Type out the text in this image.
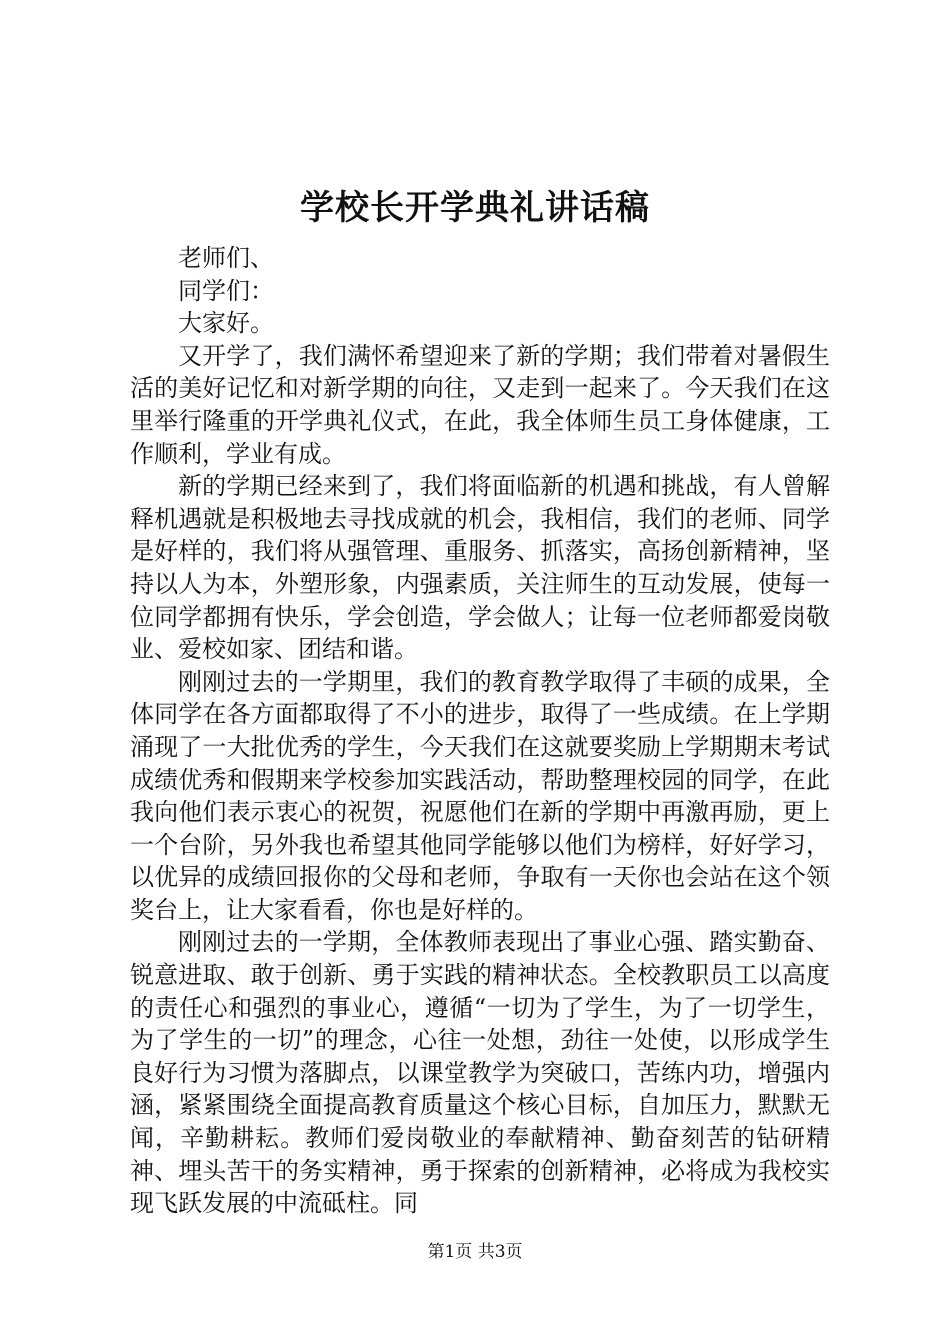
学校长开学典礼讲话稿

老师们、

同学们：

大家好。

又开学了，我们满怀希望迎来了新的学期；我们带着对暑假生活的美好记忆和对新学期的向往，又走到一起来了。今天我们在这里举行隆重的开学典礼仪式，在此，我全体师生员工身体健康，工作顺利，学业有成。

新的学期已经来到了，我们将面临新的机遇和挑战，有人曾解释机遇就是积极地去寻找成就的机会，我相信，我们的老师、同学是好样的，我们将从强管理、重服务、抓落实，高扬创新精神，坚持以人为本，外塑形象，内强素质，关注师生的互动发展，使每一位同学都拥有快乐，学会创造，学会做人；让每一位老师都爱岗敬业、爱校如家、团结和谐。

刚刚过去的一学期里，我们的教育教学取得了丰硕的成果，全体同学在各方面都取得了不小的进步，取得了一些成绩。在上学期涌现了一大批优秀的学生，今天我们在这就要奖励上学期期末考试成绩优秀和假期来学校参加实践活动，帮助整理校园的同学，在此我向他们表示衷心的祝贺，祝愿他们在新的学期中再激再励，更上一个台阶，另外我也希望其他同学能够以他们为榜样，好好学习，以优异的成绩回报你的父母和老师，争取有一天你也会站在这个领奖台上，让大家看看，你也是好样的。

刚刚过去的一学期，全体教师表现出了事业心强、踏实勤奋、锐意进取、敢于创新、勇于实践的精神状态。全校教职员工以高度的责任心和强烈的事业心，遵循“一切为了学生，为了一切学生，为了学生的一切”的理念，心往一处想，劲往一处使，以形成学生良好行为习惯为落脚点，以课堂教学为突破口，苦练内功，增强内涵，紧紧围绕全面提高教育质量这个核心目标，自加压力，默默无闻，辛勤耕耘。教师们爱岗敬业的奉献精神、勤奋刻苦的钻研精神、埋头苦干的务实精神，勇于探索的创新精神，必将成为我校实现飞跃发展的中流砥柱。同

第1页 共3页
